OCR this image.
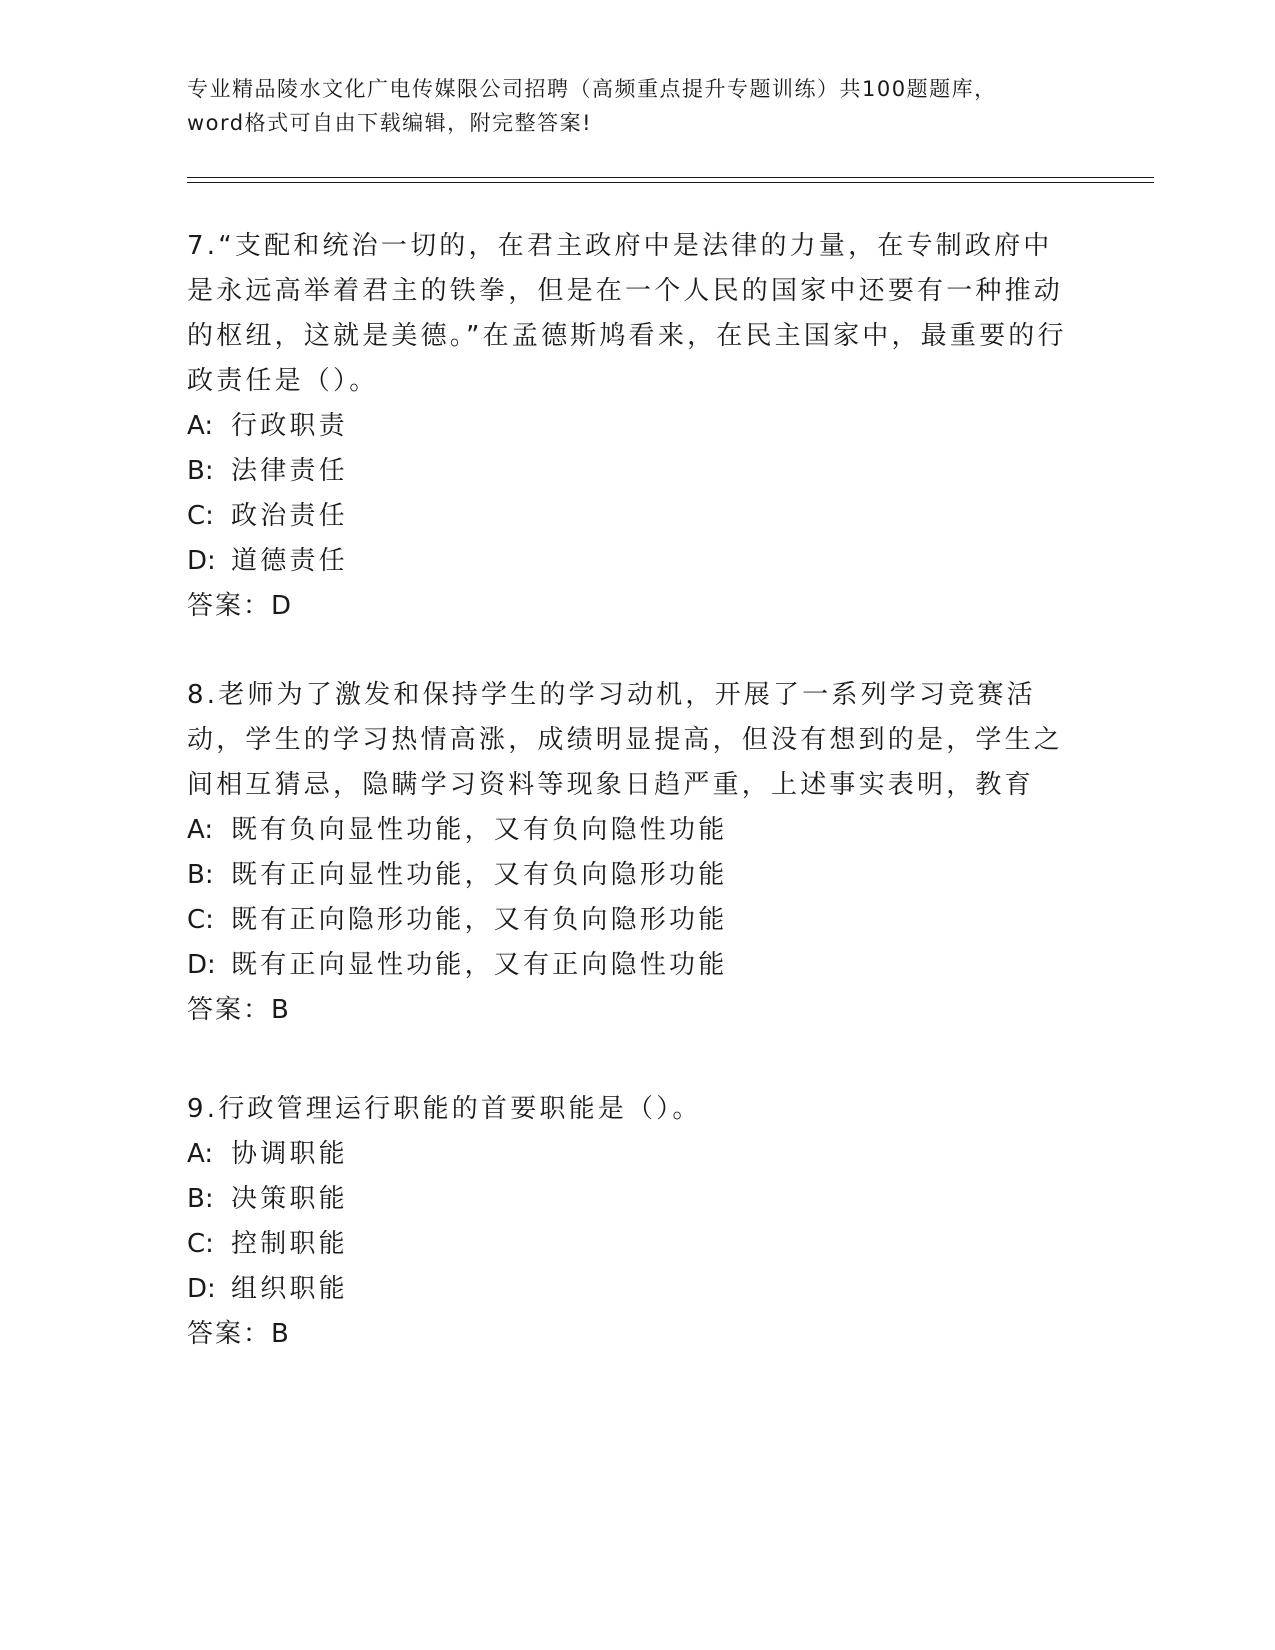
专业精品陵水文化广电传媒限公司招聘（高频重点提升专题训练）共100题题库，word格式可自由下载编辑，附完整答案!

7.“支配和统治一切的，在君主政府中是法律的力量，在专制政府中是永远高举着君主的铁拳，但是在一个人民的国家中还要有一种推动的枢纽，这就是美德。”在孟德斯鸠看来，在民主国家中，最重要的行政责任是（）。

A: 行政职责

B: 法律责任

C: 政治责任

D: 道德责任

答案：D

8.老师为了激发和保持学生的学习动机，开展了一系列学习竞赛活动，学生的学习热情高涨，成绩明显提高，但没有想到的是，学生之间相互猜忌，隐瞒学习资料等现象日趋严重，上述事实表明，教育

A: 既有负向显性功能，又有负向隐性功能

B: 既有正向显性功能，又有负向隐形功能

C: 既有正向隐形功能，又有负向隐形功能

D: 既有正向显性功能，又有正向隐性功能

答案：B

9.行政管理运行职能的首要职能是（）。

A: 协调职能

B: 决策职能

C: 控制职能

D: 组织职能

答案：B
